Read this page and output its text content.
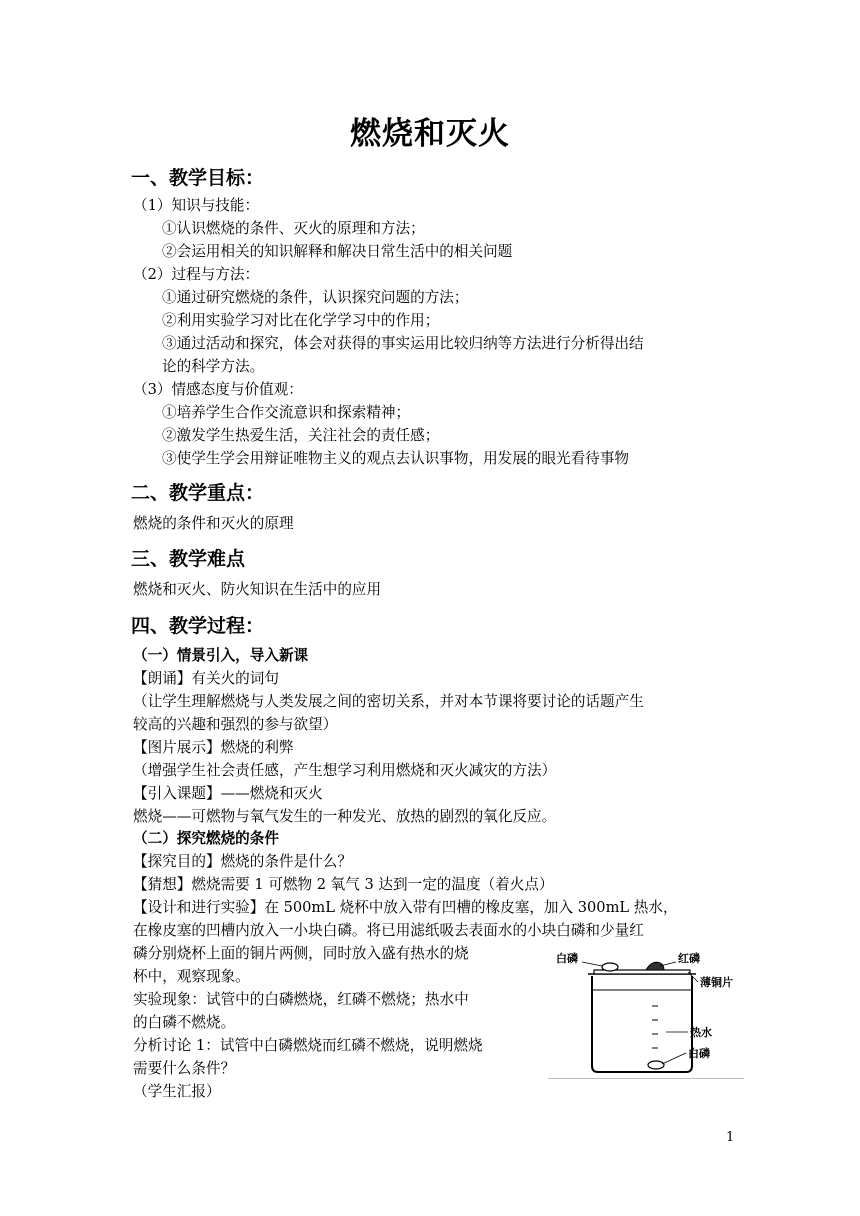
燃烧和灭火
一、教学目标：
（1）知识与技能：
①认识燃烧的条件、灭火的原理和方法；
②会运用相关的知识解释和解决日常生活中的相关问题
（2）过程与方法：
①通过研究燃烧的条件，认识探究问题的方法；
②利用实验学习对比在化学学习中的作用；
③通过活动和探究，体会对获得的事实运用比较归纳等方法进行分析得出结
论的科学方法。
（3）情感态度与价值观：
①培养学生合作交流意识和探索精神；
②激发学生热爱生活，关注社会的责任感；
③使学生学会用辩证唯物主义的观点去认识事物，用发展的眼光看待事物
二、教学重点：
燃烧的条件和灭火的原理
三、教学难点
燃烧和灭火、防火知识在生活中的应用
四、教学过程：
（一）情景引入，导入新课
【朗诵】有关火的词句
（让学生理解燃烧与人类发展之间的密切关系，并对本节课将要讨论的话题产生
较高的兴趣和强烈的参与欲望）
【图片展示】燃烧的利弊
（增强学生社会责任感，产生想学习利用燃烧和灭火减灾的方法）
【引入课题】——燃烧和灭火
燃烧——可燃物与氧气发生的一种发光、放热的剧烈的氧化反应。
（二）探究燃烧的条件
【探究目的】燃烧的条件是什么？
【猜想】燃烧需要 1 可燃物 2 氧气 3 达到一定的温度（着火点）
【设计和进行实验】在 500mL 烧杯中放入带有凹槽的橡皮塞，加入 300mL 热水，
在橡皮塞的凹槽内放入一小块白磷。将已用滤纸吸去表面水的小块白磷和少量红
磷分别烧杯上面的铜片两侧，同时放入盛有热水的烧
杯中，观察现象。
实验现象：试管中的白磷燃烧，红磷不燃烧；热水中
的白磷不燃烧。
分析讨论 1：试管中白磷燃烧而红磷不燃烧，说明燃烧
需要什么条件？
（学生汇报）
白磷	红磷
薄铜片
热水
白磷
1
